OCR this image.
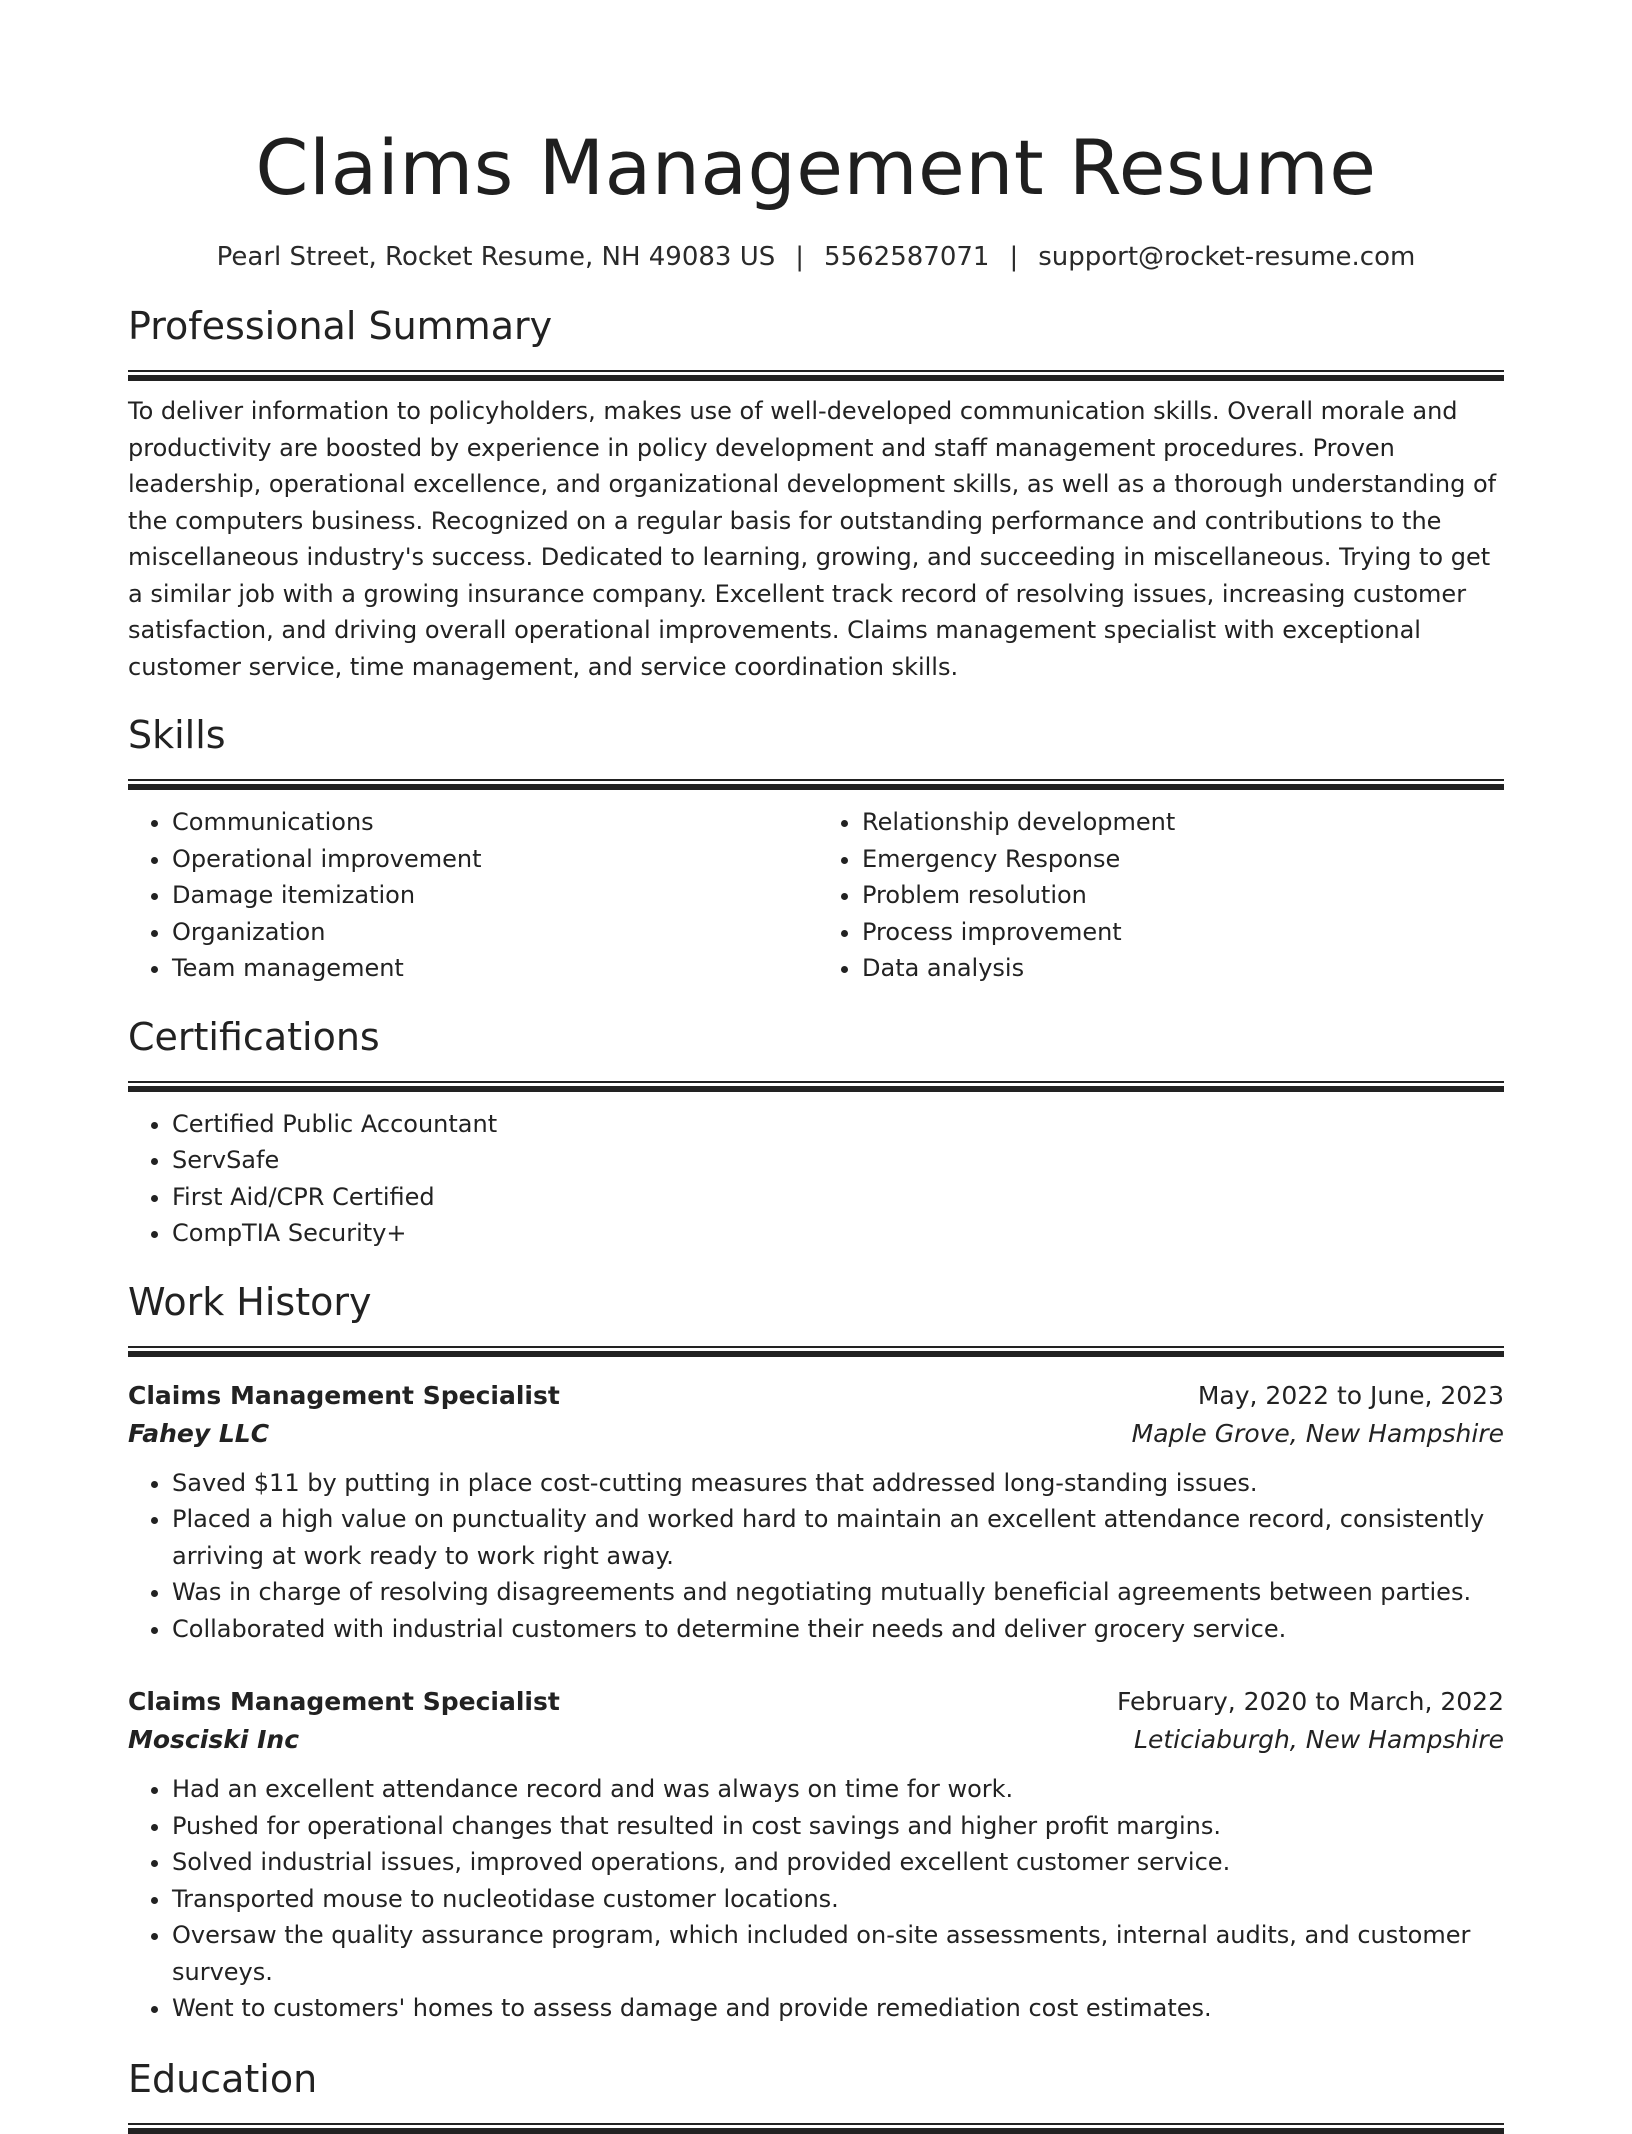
Claims Management Resume
Pearl Street, Rocket Resume, NH 49083 US | 5562587071 | support@rocket-resume.com
Professional Summary

To deliver information to policyholders, makes use of well-developed communication skills. Overall morale and productivity are boosted by experience in policy development and staff management procedures. Proven leadership, operational excellence, and organizational development skills, as well as a thorough understanding of the computers business. Recognized on a regular basis for outstanding performance and contributions to the miscellaneous industry's success. Dedicated to learning, growing, and succeeding in miscellaneous. Trying to get a similar job with a growing insurance company. Excellent track record of resolving issues, increasing customer satisfaction, and driving overall operational improvements. Claims management specialist with exceptional customer service, time management, and service coordination skills.

Skills
• Communications
• Operational improvement
• Damage itemization
• Organization
• Team management
• Relationship development
• Emergency Response
• Problem resolution
• Process improvement
• Data analysis
Certifications
• Certified Public Accountant
• ServSafe
• First Aid/CPR Certified
• CompTIA Security+
Work History
Claims Management Specialist	May, 2022 to June, 2023
Fahey LLC	Maple Grove, New Hampshire
• Saved $11 by putting in place cost-cutting measures that addressed long-standing issues.
• Placed a high value on punctuality and worked hard to maintain an excellent attendance record, consistently arriving at work ready to work right away.
• Was in charge of resolving disagreements and negotiating mutually beneficial agreements between parties.
• Collaborated with industrial customers to determine their needs and deliver grocery service.
Claims Management Specialist	February, 2020 to March, 2022
Mosciski Inc	Leticiaburgh, New Hampshire
• Had an excellent attendance record and was always on time for work.
• Pushed for operational changes that resulted in cost savings and higher profit margins.
• Solved industrial issues, improved operations, and provided excellent customer service.
• Transported mouse to nucleotidase customer locations.
• Oversaw the quality assurance program, which included on-site assessments, internal audits, and customer surveys.
• Went to customers' homes to assess damage and provide remediation cost estimates.
Education
